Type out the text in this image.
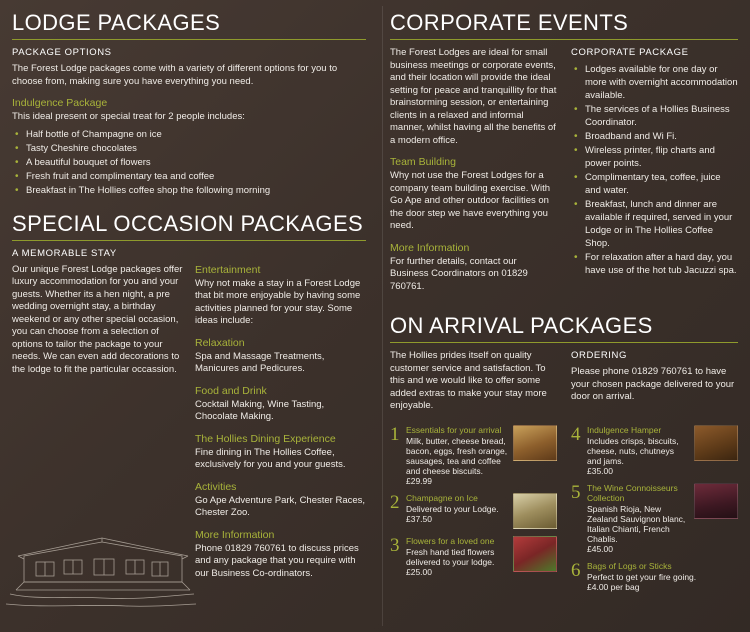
LODGE PACKAGES
PACKAGE OPTIONS

The Forest Lodge packages come with a variety of different options for you to choose from, making sure you have everything you need.

Indulgence Package

This ideal present or special treat for 2 people includes:

• Half bottle of Champagne on ice
• Tasty Cheshire chocolates
• A beautiful bouquet of flowers
• Fresh fruit and complimentary tea and coffee
• Breakfast in The Hollies coffee shop the following morning
SPECIAL OCCASION PACKAGES
A MEMORABLE STAY

Our unique Forest Lodge packages offer luxury accommodation for you and your guests. Whether its a hen night, a pre wedding overnight stay, a birthday weekend or any other special occasion, you can choose from a selection of options to tailor the package to your needs. We can even add decorations to the lodge to fit the particular occassion.

Entertainment

Why not make a stay in a Forest Lodge that bit more enjoyable by having some activities planned for your stay. Some ideas include:

Relaxation

Spa and Massage Treatments, Manicures and Pedicures.

Food and Drink

Cocktail Making, Wine Tasting, Chocolate Making.

The Hollies Dining Experience

Fine dining in The Hollies Coffee, exclusively for you and your guests.

Activities

Go Ape Adventure Park, Chester Races, Chester Zoo.

More Information

Phone 01829 760761 to discuss prices and any package that you require with our Business Co-ordinators.

CORPORATE EVENTS

The Forest Lodges are ideal for small business meetings or corporate events, and their location will provide the ideal setting for peace and tranquillity for that brainstorming session, or entertaining clients in a relaxed and informal manner, whilst having all the benefits of a modern office.

Team Building

Why not use the Forest Lodges for a company team building exercise. With Go Ape and other outdoor facilities on the door step we have everything you need.

More Information

For further details, contact our Business Coordinators on 01829 760761.

CORPORATE PACKAGE
• Lodges available for one day or more with overnight accommodation available.
• The services of a Hollies Business Coordinator.
• Broadband and Wi Fi.
• Wireless printer, flip charts and power points.
• Complimentary tea, coffee, juice and water.
• Breakfast, lunch and dinner are available if required, served in your Lodge or in The Hollies Coffee Shop.
• For relaxation after a hard day, you have use of the hot tub Jacuzzi spa.
ON ARRIVAL PACKAGES

The Hollies prides itself on quality customer service and satisfaction. To this and we would like to offer some added extras to make your stay more enjoyable.

ORDERING

Please phone 01829 760761 to have your chosen package delivered to your door on arrival.

1 Essentials for your arrival

Milk, butter, cheese bread, bacon, eggs, fresh orange, sausages, tea and coffee and cheese biscuits.

£29.99

2 Champagne on Ice

Delivered to your Lodge.

£37.50

3 Flowers for a loved one

Fresh hand tied flowers delivered to your lodge.

£25.00

4 Indulgence Hamper

Includes crisps, biscuits, cheese, nuts, chutneys and jams.

£35.00

5 The Wine Connoisseurs Collection

Spanish Rioja, New Zealand Sauvignon blanc, Italian Chianti, French Chablis.

£45.00

6 Bags of Logs or Sticks

Perfect to get your fire going.

£4.00 per bag
